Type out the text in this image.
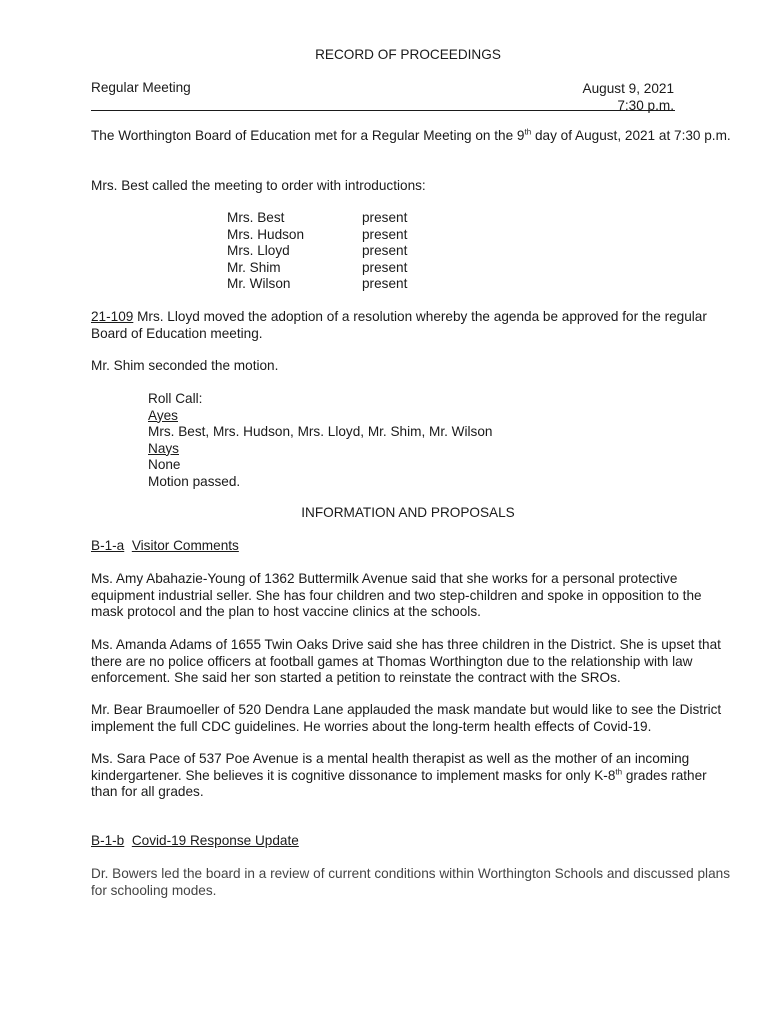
RECORD OF PROCEEDINGS
Regular Meeting	August 9, 2021
7:30 p.m.

The Worthington Board of Education met for a Regular Meeting on the 9th day of August, 2021 at 7:30 p.m.

Mrs. Best called the meeting to order with introductions:

Mrs. Best	present
Mrs. Hudson	present
Mrs. Lloyd	present
Mr. Shim	present
Mr. Wilson	present

21-109 Mrs. Lloyd moved the adoption of a resolution whereby the agenda be approved for the regular Board of Education meeting.

Mr. Shim seconded the motion.

Roll Call:
Ayes
Mrs. Best, Mrs. Hudson, Mrs. Lloyd, Mr. Shim, Mr. Wilson
Nays
None
Motion passed.
INFORMATION AND PROPOSALS
B-1-a Visitor Comments

Ms. Amy Abahazie-Young of 1362 Buttermilk Avenue said that she works for a personal protective equipment industrial seller. She has four children and two step-children and spoke in opposition to the mask protocol and the plan to host vaccine clinics at the schools.

Ms. Amanda Adams of 1655 Twin Oaks Drive said she has three children in the District. She is upset that there are no police officers at football games at Thomas Worthington due to the relationship with law enforcement. She said her son started a petition to reinstate the contract with the SROs.

Mr. Bear Braumoeller of 520 Dendra Lane applauded the mask mandate but would like to see the District implement the full CDC guidelines. He worries about the long-term health effects of Covid-19.

Ms. Sara Pace of 537 Poe Avenue is a mental health therapist as well as the mother of an incoming kindergartener. She believes it is cognitive dissonance to implement masks for only K-8th grades rather than for all grades.

B-1-b Covid-19 Response Update

Dr. Bowers led the board in a review of current conditions within Worthington Schools and discussed plans for schooling modes.
